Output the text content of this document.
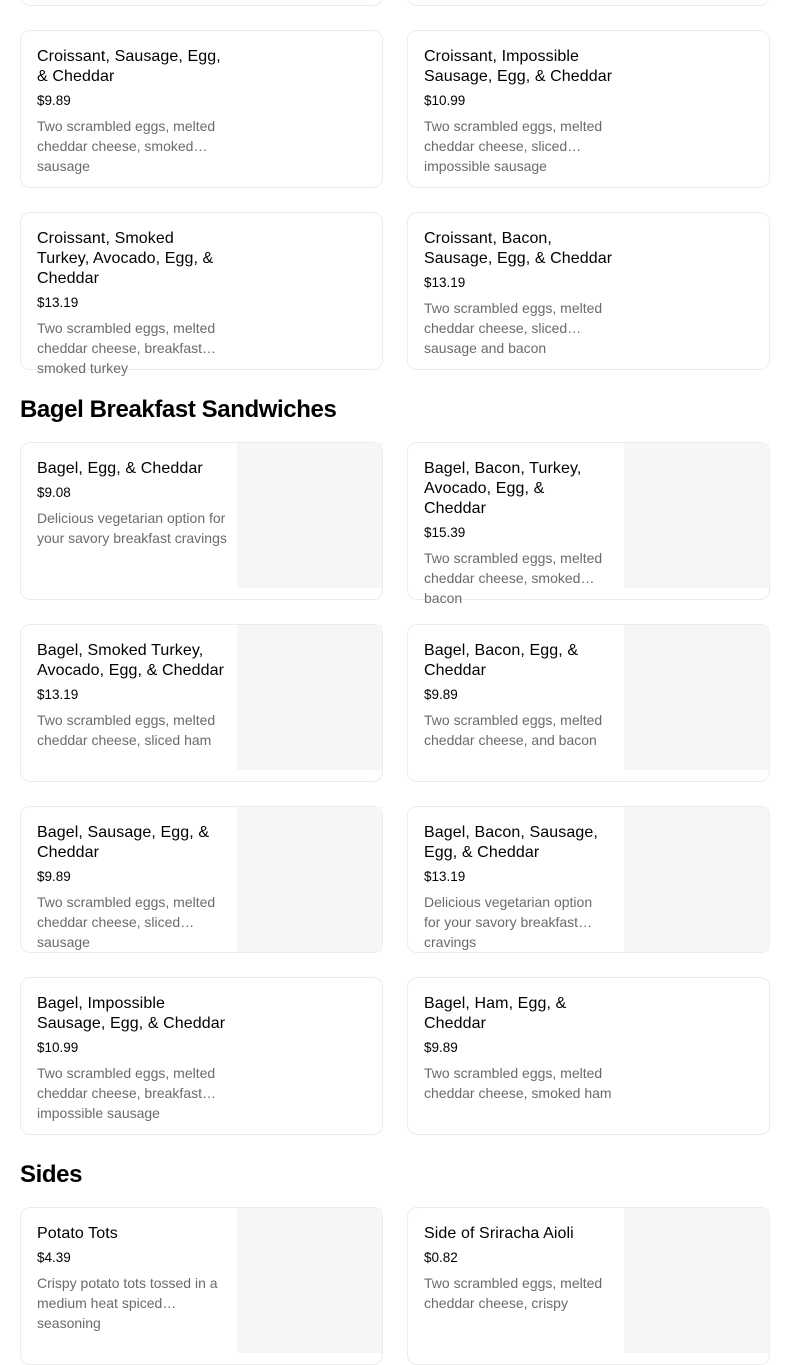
Croissant, Sausage, Egg, & Cheddar
$9.89
Two scrambled eggs, melted cheddar cheese, smoked sausage
Croissant, Impossible Sausage, Egg, & Cheddar
$10.99
Two scrambled eggs, melted cheddar cheese, sliced impossible sausage
Croissant, Smoked Turkey, Avocado, Egg, & Cheddar
$13.19
Two scrambled eggs, melted cheddar cheese, breakfast smoked turkey
Croissant, Bacon, Sausage, Egg, & Cheddar
$13.19
Two scrambled eggs, melted cheddar cheese, sliced sausage and bacon
Bagel Breakfast Sandwiches
Bagel, Egg, & Cheddar
$9.08
Delicious vegetarian option for your savory breakfast cravings
Bagel, Bacon, Turkey, Avocado, Egg, & Cheddar
$15.39
Two scrambled eggs, melted cheddar cheese, smoked bacon
Bagel, Smoked Turkey, Avocado, Egg, & Cheddar
$13.19
Two scrambled eggs, melted cheddar cheese, sliced ham
Bagel, Bacon, Egg, & Cheddar
$9.89
Two scrambled eggs, melted cheddar cheese, and bacon
Bagel, Sausage, Egg, & Cheddar
$9.89
Two scrambled eggs, melted cheddar cheese, sliced sausage
Bagel, Bacon, Sausage, Egg, & Cheddar
$13.19
Delicious vegetarian option for your savory breakfast cravings
Bagel, Impossible Sausage, Egg, & Cheddar
$10.99
Two scrambled eggs, melted cheddar cheese, breakfast impossible sausage
Bagel, Ham, Egg, & Cheddar
$9.89
Two scrambled eggs, melted cheddar cheese, smoked ham
Sides
Potato Tots
$4.39
Crispy potato tots tossed in a medium heat spiced seasoning
Side of Sriracha Aioli
$0.82
Two scrambled eggs, melted cheddar cheese, crispy
